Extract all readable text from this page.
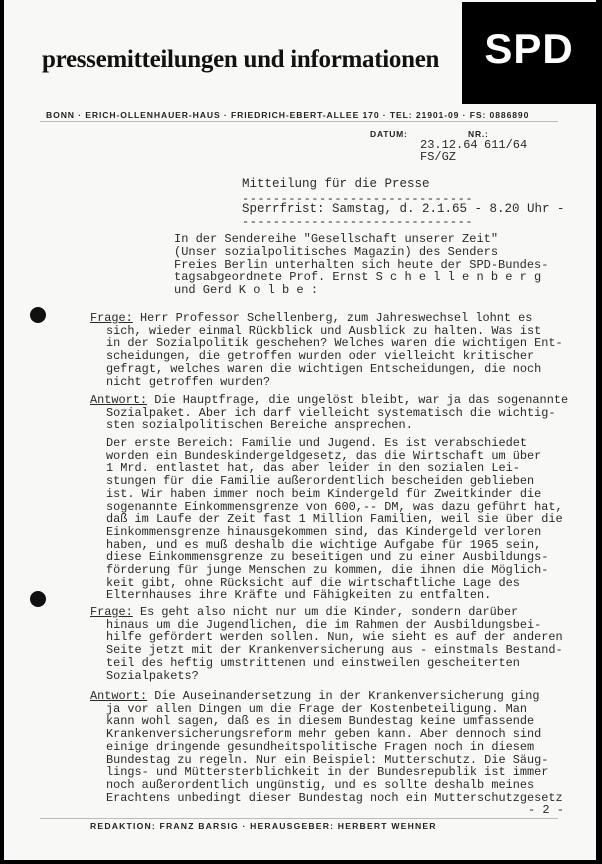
SPD
pressemitteilungen und informationen
BONN · ERICH-OLLENHAUER-HAUS · FRIEDRICH-EBERT-ALLEE 170 · TEL: 21901-09 · FS: 0886890
DATUM:	NR.:
23.12.64 611/64
FS/GZ
Mitteilung für die Presse
------------------------------
Sperrfrist: Samstag, d. 2.1.65 - 8.20 Uhr -
------------------------------

In der Sendereihe "Gesellschaft unserer Zeit"

(Unser sozialpolitisches Magazin) des Senders

Freies Berlin unterhalten sich heute der SPD-Bundes-

tagsabgeordnete Prof. Ernst S c h e l l e n b e r g

und Gerd K o l b e :

Frage: Herr Professor Schellenberg, zum Jahreswechsel lohnt es

sich, wieder einmal Rückblick und Ausblick zu halten. Was ist

in der Sozialpolitik geschehen? Welches waren die wichtigen Ent-

scheidungen, die getroffen wurden oder vielleicht kritischer

gefragt, welches waren die wichtigen Entscheidungen, die noch

nicht getroffen wurden?

Antwort: Die Hauptfrage, die ungelöst bleibt, war ja das sogenannte

Sozialpaket. Aber ich darf vielleicht systematisch die wichtig-

sten sozialpolitischen Bereiche ansprechen.

Der erste Bereich: Familie und Jugend. Es ist verabschiedet

worden ein Bundeskindergeldgesetz, das die Wirtschaft um über

1 Mrd. entlastet hat, das aber leider in den sozialen Lei-

stungen für die Familie außerordentlich bescheiden geblieben

ist. Wir haben immer noch beim Kindergeld für Zweitkinder die

sogenannte Einkommensgrenze von 600,-- DM, was dazu geführt hat,

daß im Laufe der Zeit fast 1 Million Familien, weil sie über die

Einkommensgrenze hinausgekommen sind, das Kindergeld verloren

haben, und es muß deshalb die wichtige Aufgabe für 1965 sein,

diese Einkommensgrenze zu beseitigen und zu einer Ausbildungs-

förderung für junge Menschen zu kommen, die ihnen die Möglich-

keit gibt, ohne Rücksicht auf die wirtschaftliche Lage des

Elternhauses ihre Kräfte und Fähigkeiten zu entfalten.

Frage: Es geht also nicht nur um die Kinder, sondern darüber

hinaus um die Jugendlichen, die im Rahmen der Ausbildungsbei-

hilfe gefördert werden sollen. Nun, wie sieht es auf der anderen

Seite jetzt mit der Krankenversicherung aus - einstmals Bestand-

teil des heftig umstrittenen und einstweilen gescheiterten

Sozialpakets?

Antwort: Die Auseinandersetzung in der Krankenversicherung ging

ja vor allen Dingen um die Frage der Kostenbeteiligung. Man

kann wohl sagen, daß es in diesem Bundestag keine umfassende

Krankenversicherungsreform mehr geben kann. Aber dennoch sind

einige dringende gesundheitspolitische Fragen noch in diesem

Bundestag zu regeln. Nur ein Beispiel: Mutterschutz. Die Säug-

lings- und Müttersterblichkeit in der Bundesrepublik ist immer

noch außerordentlich ungünstig, und es sollte deshalb meines

Erachtens unbedingt dieser Bundestag noch ein Mutterschutzgesetz

- 2 -
REDAKTION: FRANZ BARSIG · HERAUSGEBER: HERBERT WEHNER
